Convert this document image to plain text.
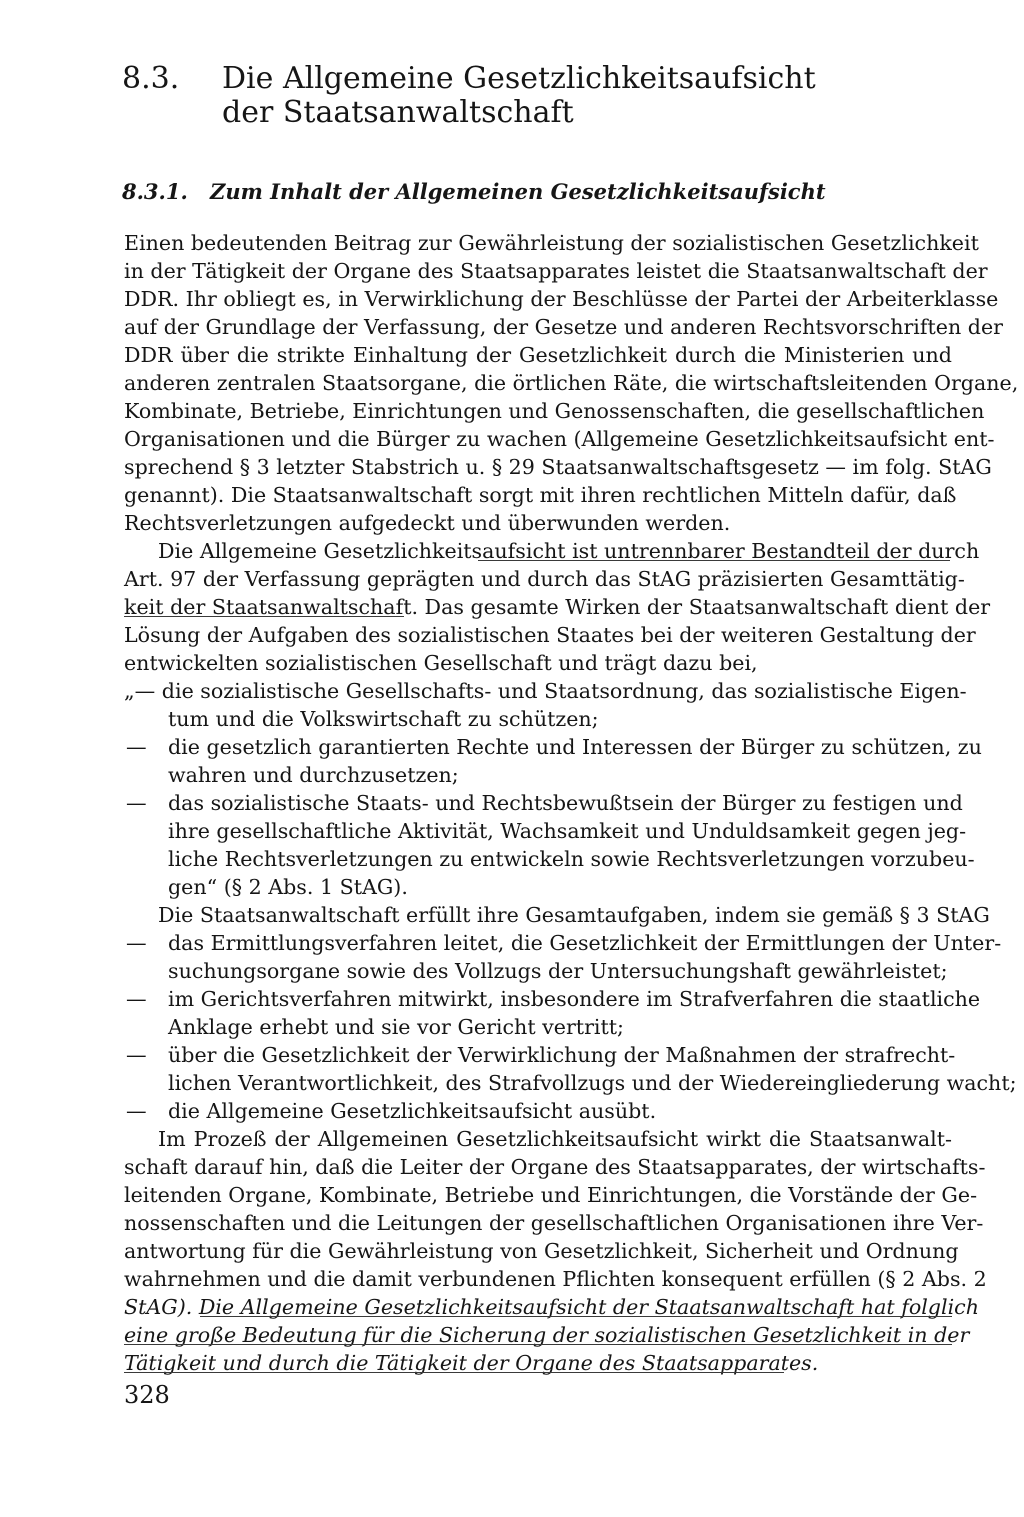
8.3. Die Allgemeine Gesetzlichkeitsaufsicht
der Staatsanwaltschaft
8.3.1. Zum Inhalt der Allgemeinen Gesetzlichkeitsaufsicht
Einen bedeutenden Beitrag zur Gewährleistung der sozialistischen Gesetzlichkeit
in der Tätigkeit der Organe des Staatsapparates leistet die Staatsanwaltschaft der
DDR. Ihr obliegt es, in Verwirklichung der Beschlüsse der Partei der Arbeiterklasse
auf der Grundlage der Verfassung, der Gesetze und anderen Rechtsvorschriften der
DDR über die strikte Einhaltung der Gesetzlichkeit durch die Ministerien und
anderen zentralen Staatsorgane, die örtlichen Räte, die wirtschaftsleitenden Organe,
Kombinate, Betriebe, Einrichtungen und Genossenschaften, die gesellschaftlichen
Organisationen und die Bürger zu wachen (Allgemeine Gesetzlichkeitsaufsicht ent-
sprechend § 3 letzter Stabstrich u. § 29 Staatsanwaltschaftsgesetz — im folg. StAG
genannt). Die Staatsanwaltschaft sorgt mit ihren rechtlichen Mitteln dafür, daß
Rechtsverletzungen aufgedeckt und überwunden werden.
Die Allgemeine Gesetzlichkeitsaufsicht ist untrennbarer Bestandteil der durch
Art. 97 der Verfassung geprägten und durch das StAG präzisierten Gesamttätig-
keit der Staatsanwaltschaft. Das gesamte Wirken der Staatsanwaltschaft dient der
Lösung der Aufgaben des sozialistischen Staates bei der weiteren Gestaltung der
entwickelten sozialistischen Gesellschaft und trägt dazu bei,
„— die sozialistische Gesellschafts- und Staatsordnung, das sozialistische Eigen-
tum und die Volkswirtschaft zu schützen;
— die gesetzlich garantierten Rechte und Interessen der Bürger zu schützen, zu
wahren und durchzusetzen;
— das sozialistische Staats- und Rechtsbewußtsein der Bürger zu festigen und
ihre gesellschaftliche Aktivität, Wachsamkeit und Unduldsamkeit gegen jeg-
liche Rechtsverletzungen zu entwickeln sowie Rechtsverletzungen vorzubeu-
gen“ (§ 2 Abs. 1 StAG).
Die Staatsanwaltschaft erfüllt ihre Gesamtaufgaben, indem sie gemäß § 3 StAG
— das Ermittlungsverfahren leitet, die Gesetzlichkeit der Ermittlungen der Unter-
suchungsorgane sowie des Vollzugs der Untersuchungshaft gewährleistet;
— im Gerichtsverfahren mitwirkt, insbesondere im Strafverfahren die staatliche
Anklage erhebt und sie vor Gericht vertritt;
— über die Gesetzlichkeit der Verwirklichung der Maßnahmen der strafrecht-
lichen Verantwortlichkeit, des Strafvollzugs und der Wiedereingliederung wacht;
— die Allgemeine Gesetzlichkeitsaufsicht ausübt.
Im Prozeß der Allgemeinen Gesetzlichkeitsaufsicht wirkt die Staatsanwalt-
schaft darauf hin, daß die Leiter der Organe des Staatsapparates, der wirtschafts-
leitenden Organe, Kombinate, Betriebe und Einrichtungen, die Vorstände der Ge-
nossenschaften und die Leitungen der gesellschaftlichen Organisationen ihre Ver-
antwortung für die Gewährleistung von Gesetzlichkeit, Sicherheit und Ordnung
wahrnehmen und die damit verbundenen Pflichten konsequent erfüllen (§ 2 Abs. 2
StAG). Die Allgemeine Gesetzlichkeitsaufsicht der Staatsanwaltschaft hat folglich
eine große Bedeutung für die Sicherung der sozialistischen Gesetzlichkeit in der
Tätigkeit und durch die Tätigkeit der Organe des Staatsapparates.
328
